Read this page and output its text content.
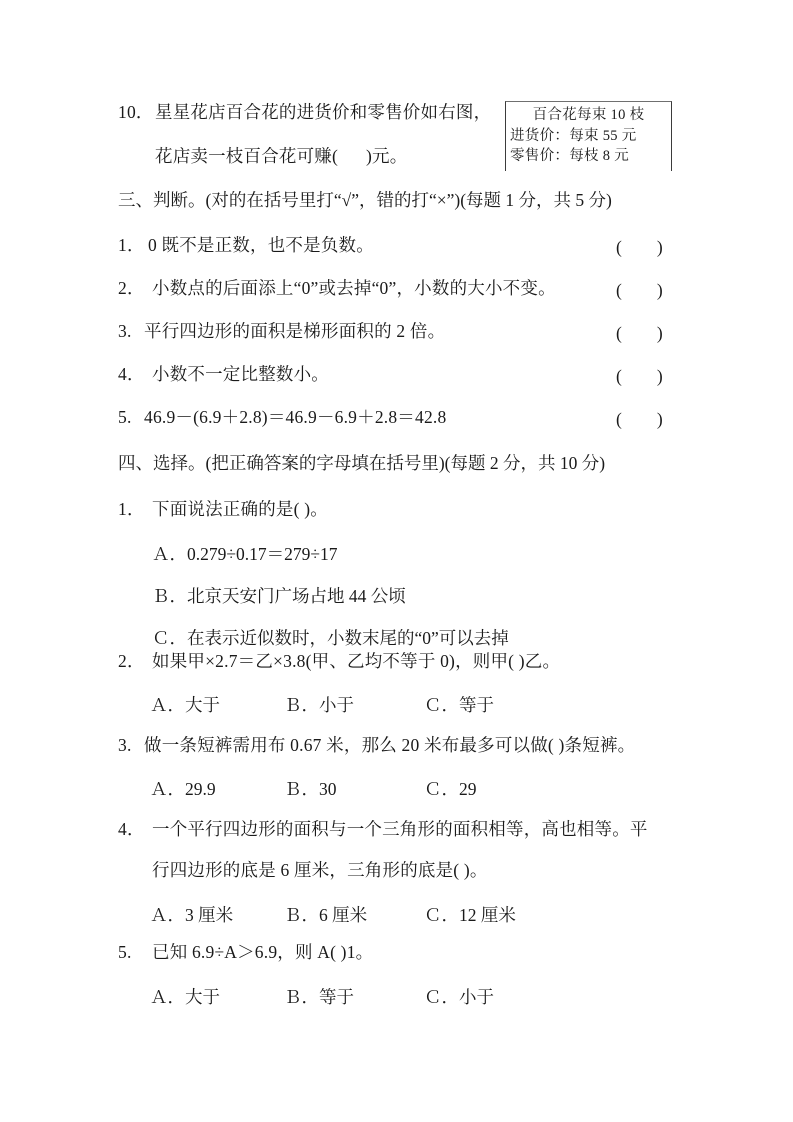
10． 星星花店百合花的进货价和零售价如右图，
花店卖一枝百合花可赚( )元。
百合花每束 10 枝
进货价：每束 55 元
零售价：每枝 8 元
三、判断。(对的在括号里打“√”，错的打“×”)(每题 1 分，共 5 分)
1． 0 既不是正数，也不是负数。	(        )
2． 小数点的后面添上“0”或去掉“0”，小数的大小不变。	(        )
3. 平行四边形的面积是梯形面积的 2 倍。	(        )
4． 小数不一定比整数小。	(        )
5. 46.9－(6.9＋2.8)＝46.9－6.9＋2.8＝42.8	(        )
四、选择。(把正确答案的字母填在括号里)(每题 2 分，共 10 分)
1． 下面说法正确的是( )。
Ａ．0.279÷0.17＝279÷17
Ｂ．北京天安门广场占地 44 公顷
Ｃ．在表示近似数时，小数末尾的“0”可以去掉
2． 如果甲×2.7＝乙×3.8(甲、乙均不等于 0)，则甲( )乙。
Ａ．大于	Ｂ．小于	Ｃ．等于
3. 做一条短裤需用布 0.67 米，那么 20 米布最多可以做( )条短裤。
Ａ．29.9	Ｂ．30	Ｃ．29
4． 一个平行四边形的面积与一个三角形的面积相等，高也相等。平
行四边形的底是 6 厘米，三角形的底是( )。
Ａ．3 厘米	Ｂ．6 厘米	Ｃ．12 厘米
5. 已知 6.9÷A＞6.9，则 A( )1。
Ａ．大于	Ｂ．等于	Ｃ．小于
